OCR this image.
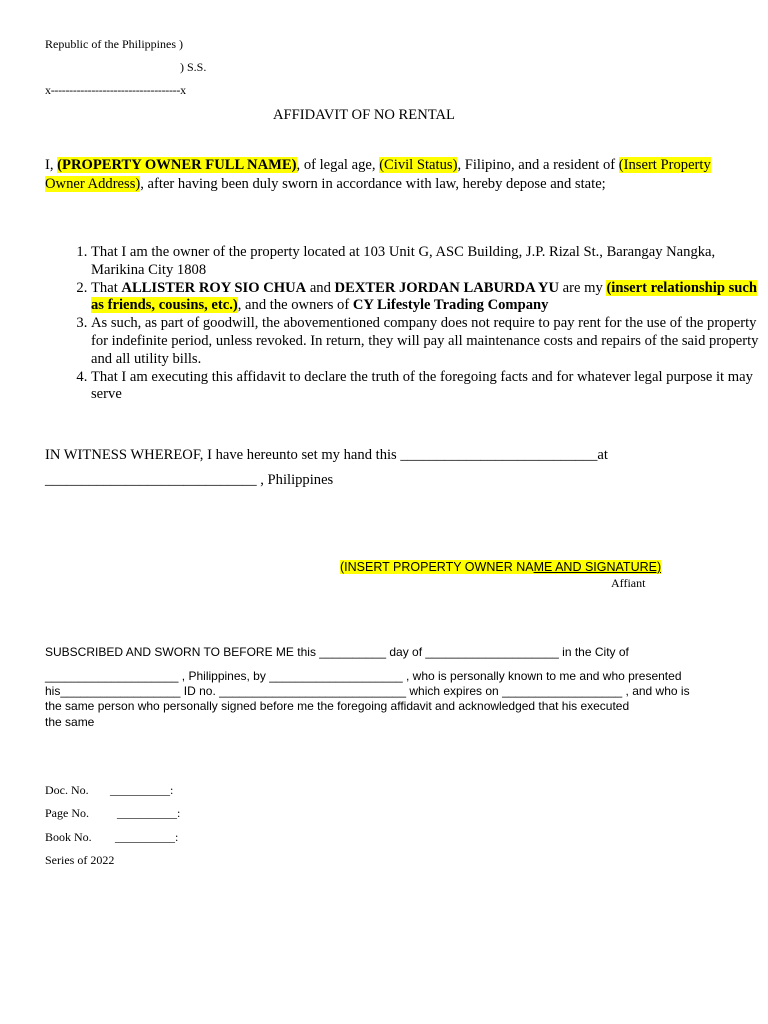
Republic of the Philippines )
) S.S.
x-----------------------------------x
AFFIDAVIT OF NO RENTAL
I, (PROPERTY OWNER FULL NAME), of legal age, (Civil Status), Filipino, and a resident of (Insert Property Owner Address), after having been duly sworn in accordance with law, hereby depose and state;
1. That I am the owner of the property located at 103 Unit G, ASC Building, J.P. Rizal St., Barangay Nangka, Marikina City 1808
2. That ALLISTER ROY SIO CHUA and DEXTER JORDAN LABURDA YU are my (insert relationship such as friends, cousins, etc.), and the owners of CY Lifestyle Trading Company
3. As such, as part of goodwill, the abovementioned company does not require to pay rent for the use of the property for indefinite period, unless revoked. In return, they will pay all maintenance costs and repairs of the said property and all utility bills.
4. That I am executing this affidavit to declare the truth of the foregoing facts and for whatever legal purpose it may serve
IN WITNESS WHEREOF, I have hereunto set my hand this ___________________________at
_____________________________ , Philippines
(INSERT PROPERTY OWNER NAME AND SIGNATURE)
Affiant
SUBSCRIBED AND SWORN TO BEFORE ME this __________ day of ____________________ in the City of
____________________ , Philippines, by ____________________ , who is personally known to me and who presented
his__________________ ID no. ____________________________ which expires on __________________ , and who is
the same person who personally signed before me the foregoing affidavit and acknowledged that his executed
the same
Doc. No. __________:
Page No. __________:
Book No. __________:
Series of 2022
